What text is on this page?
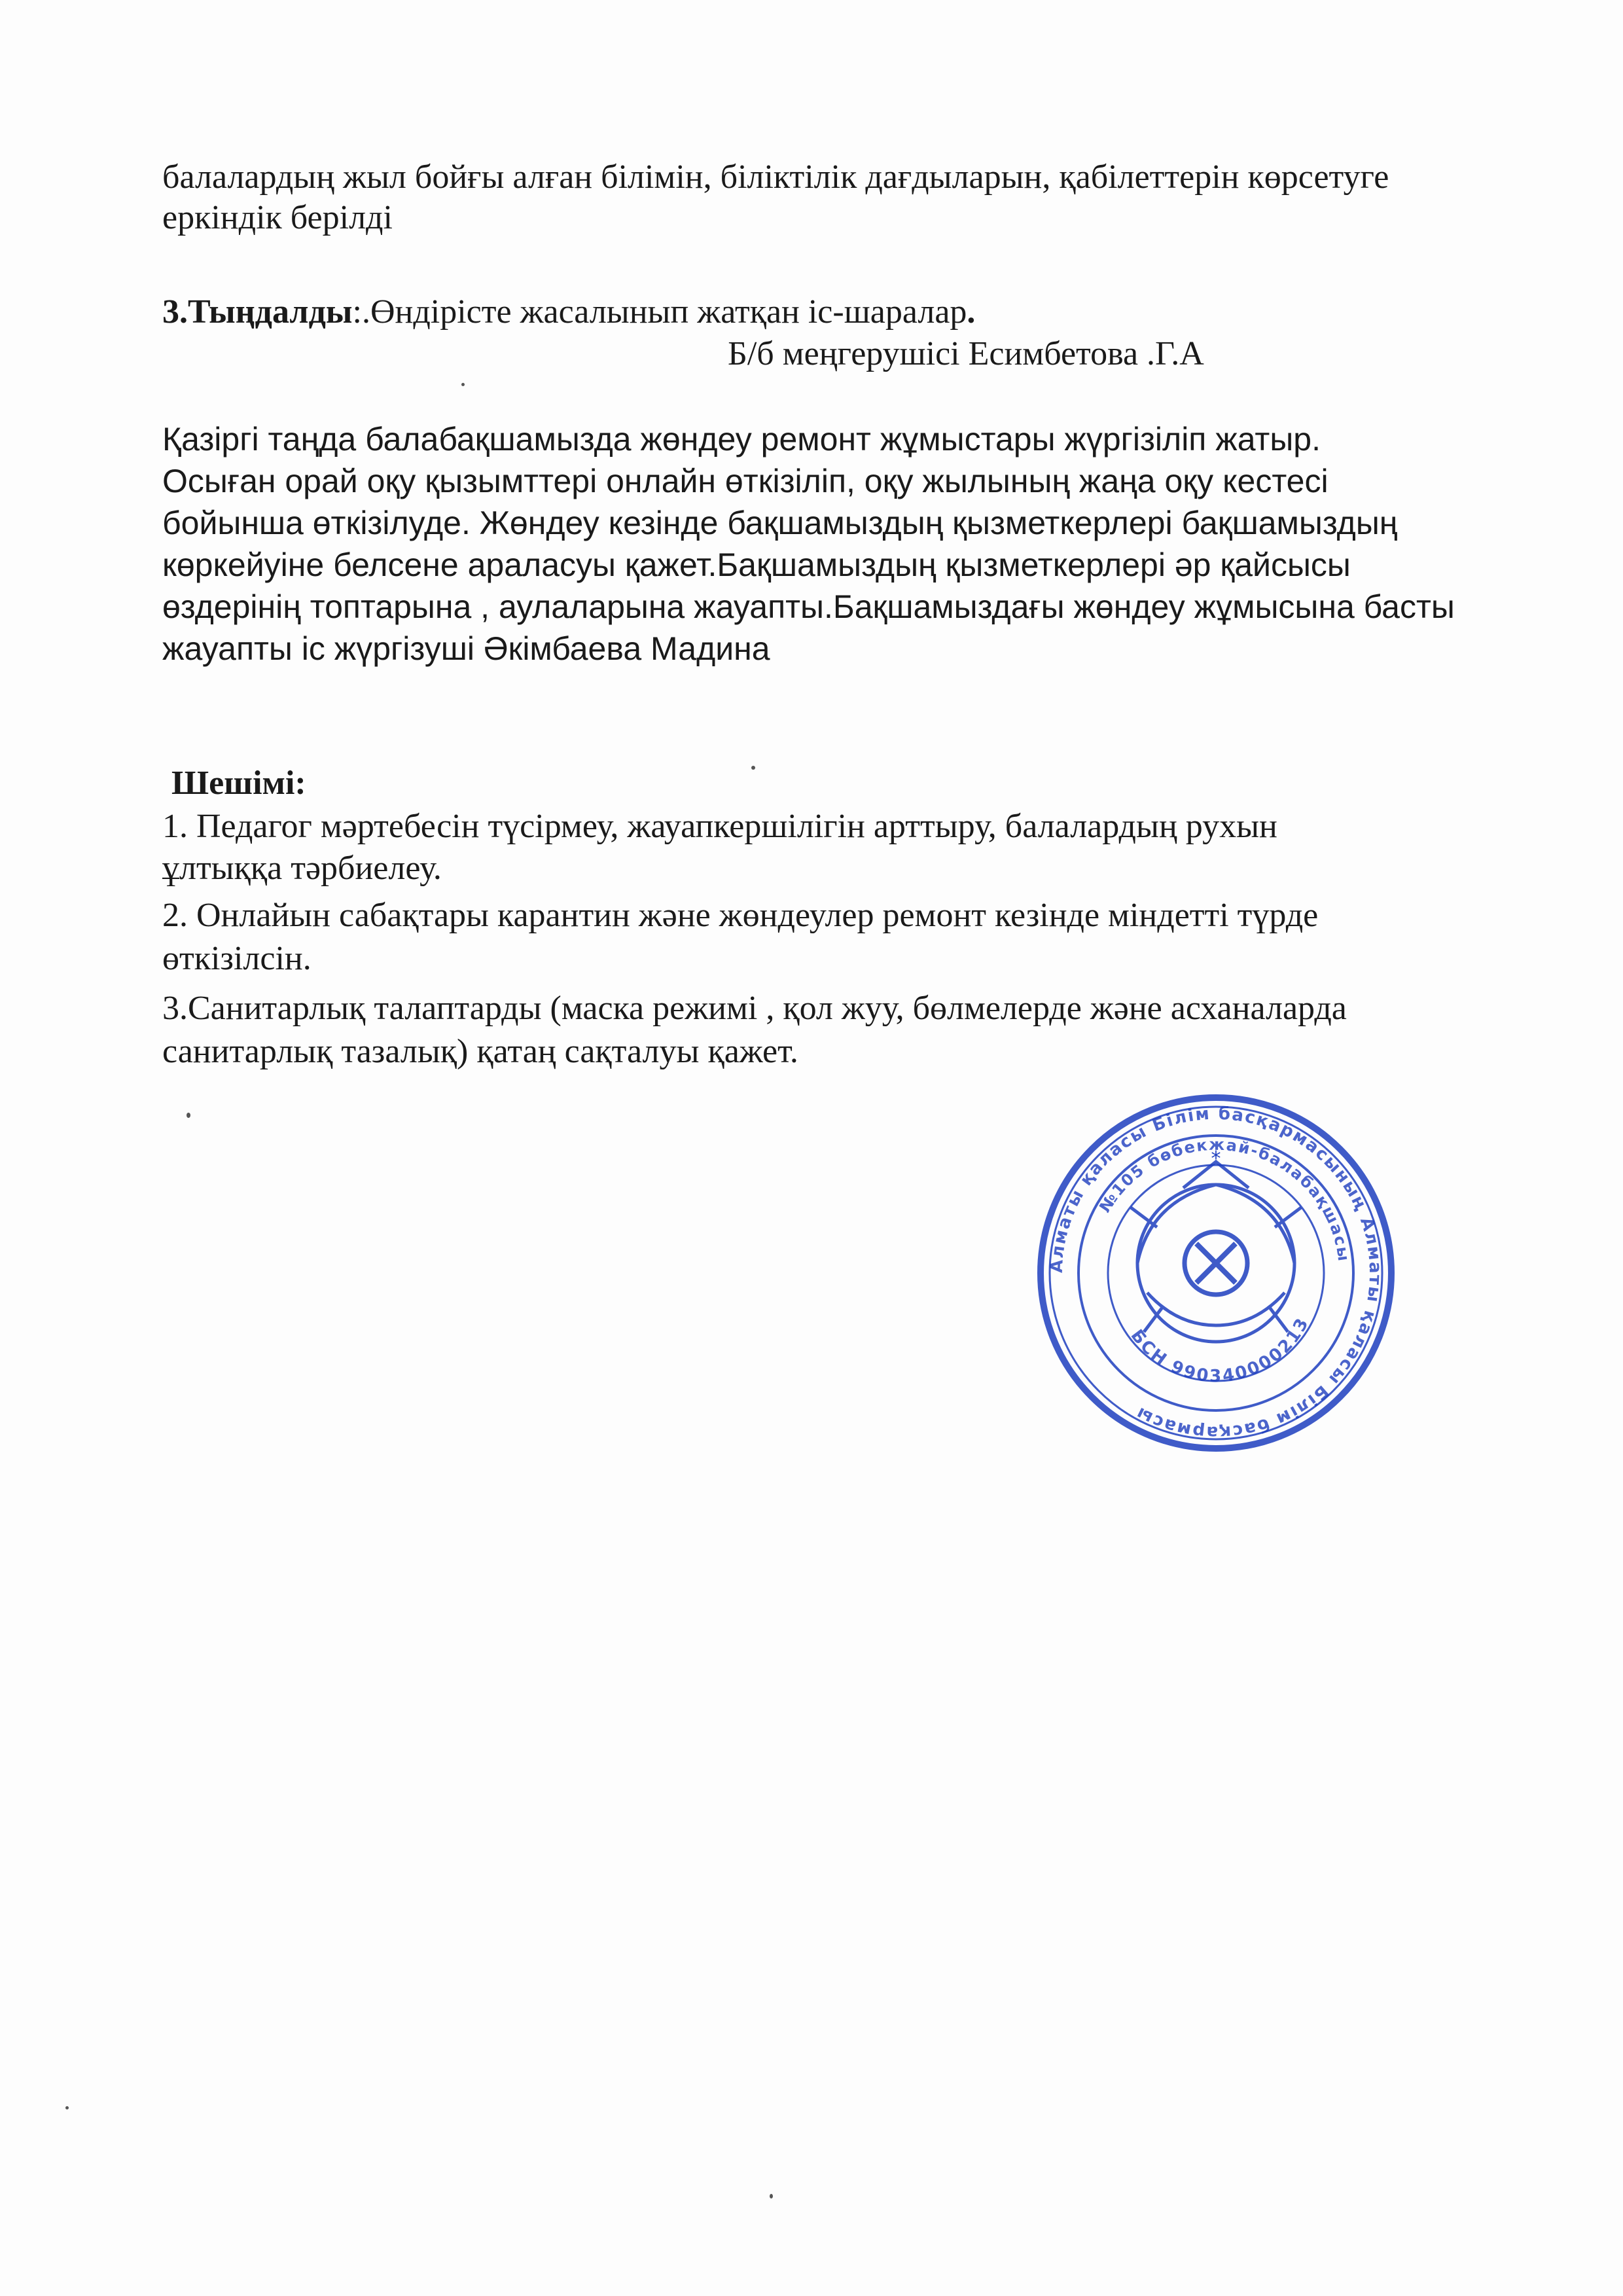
балалардың жыл бойғы алған білімін, біліктілік дағдыларын, қабілеттерін көрсетуге
еркіндік берілді
3.Тыңдалды:.Өндірісте жасалынып жатқан іс-шаралар.
Б/б меңгерушісі Есимбетова .Г.А
Қазіргі таңда балабақшамызда жөндеу ремонт жұмыстары жүргізіліп жатыр.
Осыған орай оқу қызымттері онлайн өткізіліп, оқу жылының жаңа оқу кестесі
бойынша өткізілуде. Жөндеу кезінде бақшамыздың қызметкерлері бақшамыздың
көркейуіне белсене араласуы қажет.Бақшамыздың қызметкерлері әр қайсысы
өздерінің топтарына , аулаларына жауапты.Бақшамыздағы жөндеу жұмысына басты
жауапты іс жүргізуші Әкімбаева Мадина
Шешімі:
1. Педагог мәртебесін түсірмеу, жауапкершілігін арттыру, балалардың рухын
ұлтыққа тәрбиелеу.
2. Онлайын сабақтары карантин және жөндеулер ремонт кезінде міндетті түрде
өткізілсін.
3.Санитарлық талаптарды (маска режимі , қол жуу, бөлмелерде және асханаларда
санитарлық тазалық) қатаң сақталуы қажет.
Алматы қаласы Білім басқармасының Алматы қаласы Білім басқармасы
№105 бөбекжай-балабақшасы
БСН 990340000213
*
